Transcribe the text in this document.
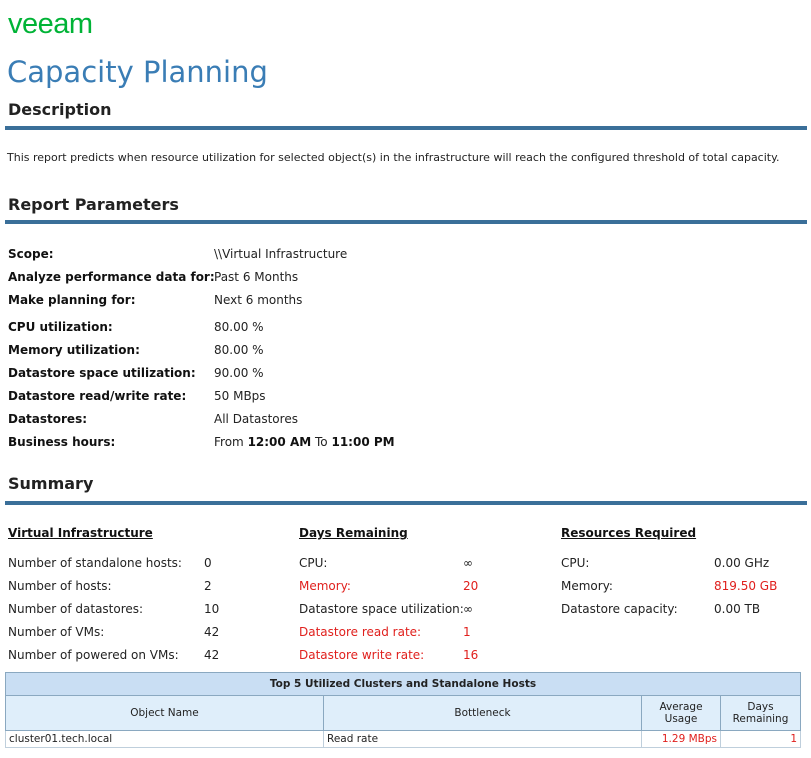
veeam
Capacity Planning
Description
This report predicts when resource utilization for selected object(s) in the infrastructure will reach the configured threshold of total capacity.
Report Parameters
Scope:	\\Virtual Infrastructure
Analyze performance data for: Past 6 Months
Make planning for:	Next 6 months
CPU utilization:	80.00 %
Memory utilization:	80.00 %
Datastore space utilization: 90.00 %
Datastore read/write rate: 50 MBps
Datastores:	All Datastores
Business hours:	From 12:00 AM To 11:00 PM
Summary
Virtual Infrastructure
Number of standalone hosts: 0
Number of hosts:	2
Number of datastores:	10
Number of VMs:	42
Number of powered on VMs: 42
Days Remaining
CPU:	∞
Memory:	20
Datastore space utilization: ∞
Datastore read rate:	1
Datastore write rate:	16
Resources Required
CPU:	0.00 GHz
Memory:	819.50 GB
Datastore capacity:	0.00 TB
Top 5 Utilized Clusters and Standalone Hosts			
Object Name	Bottleneck	Average Usage	Days Remaining
cluster01.tech.local	Read rate	1.29 MBps	1
